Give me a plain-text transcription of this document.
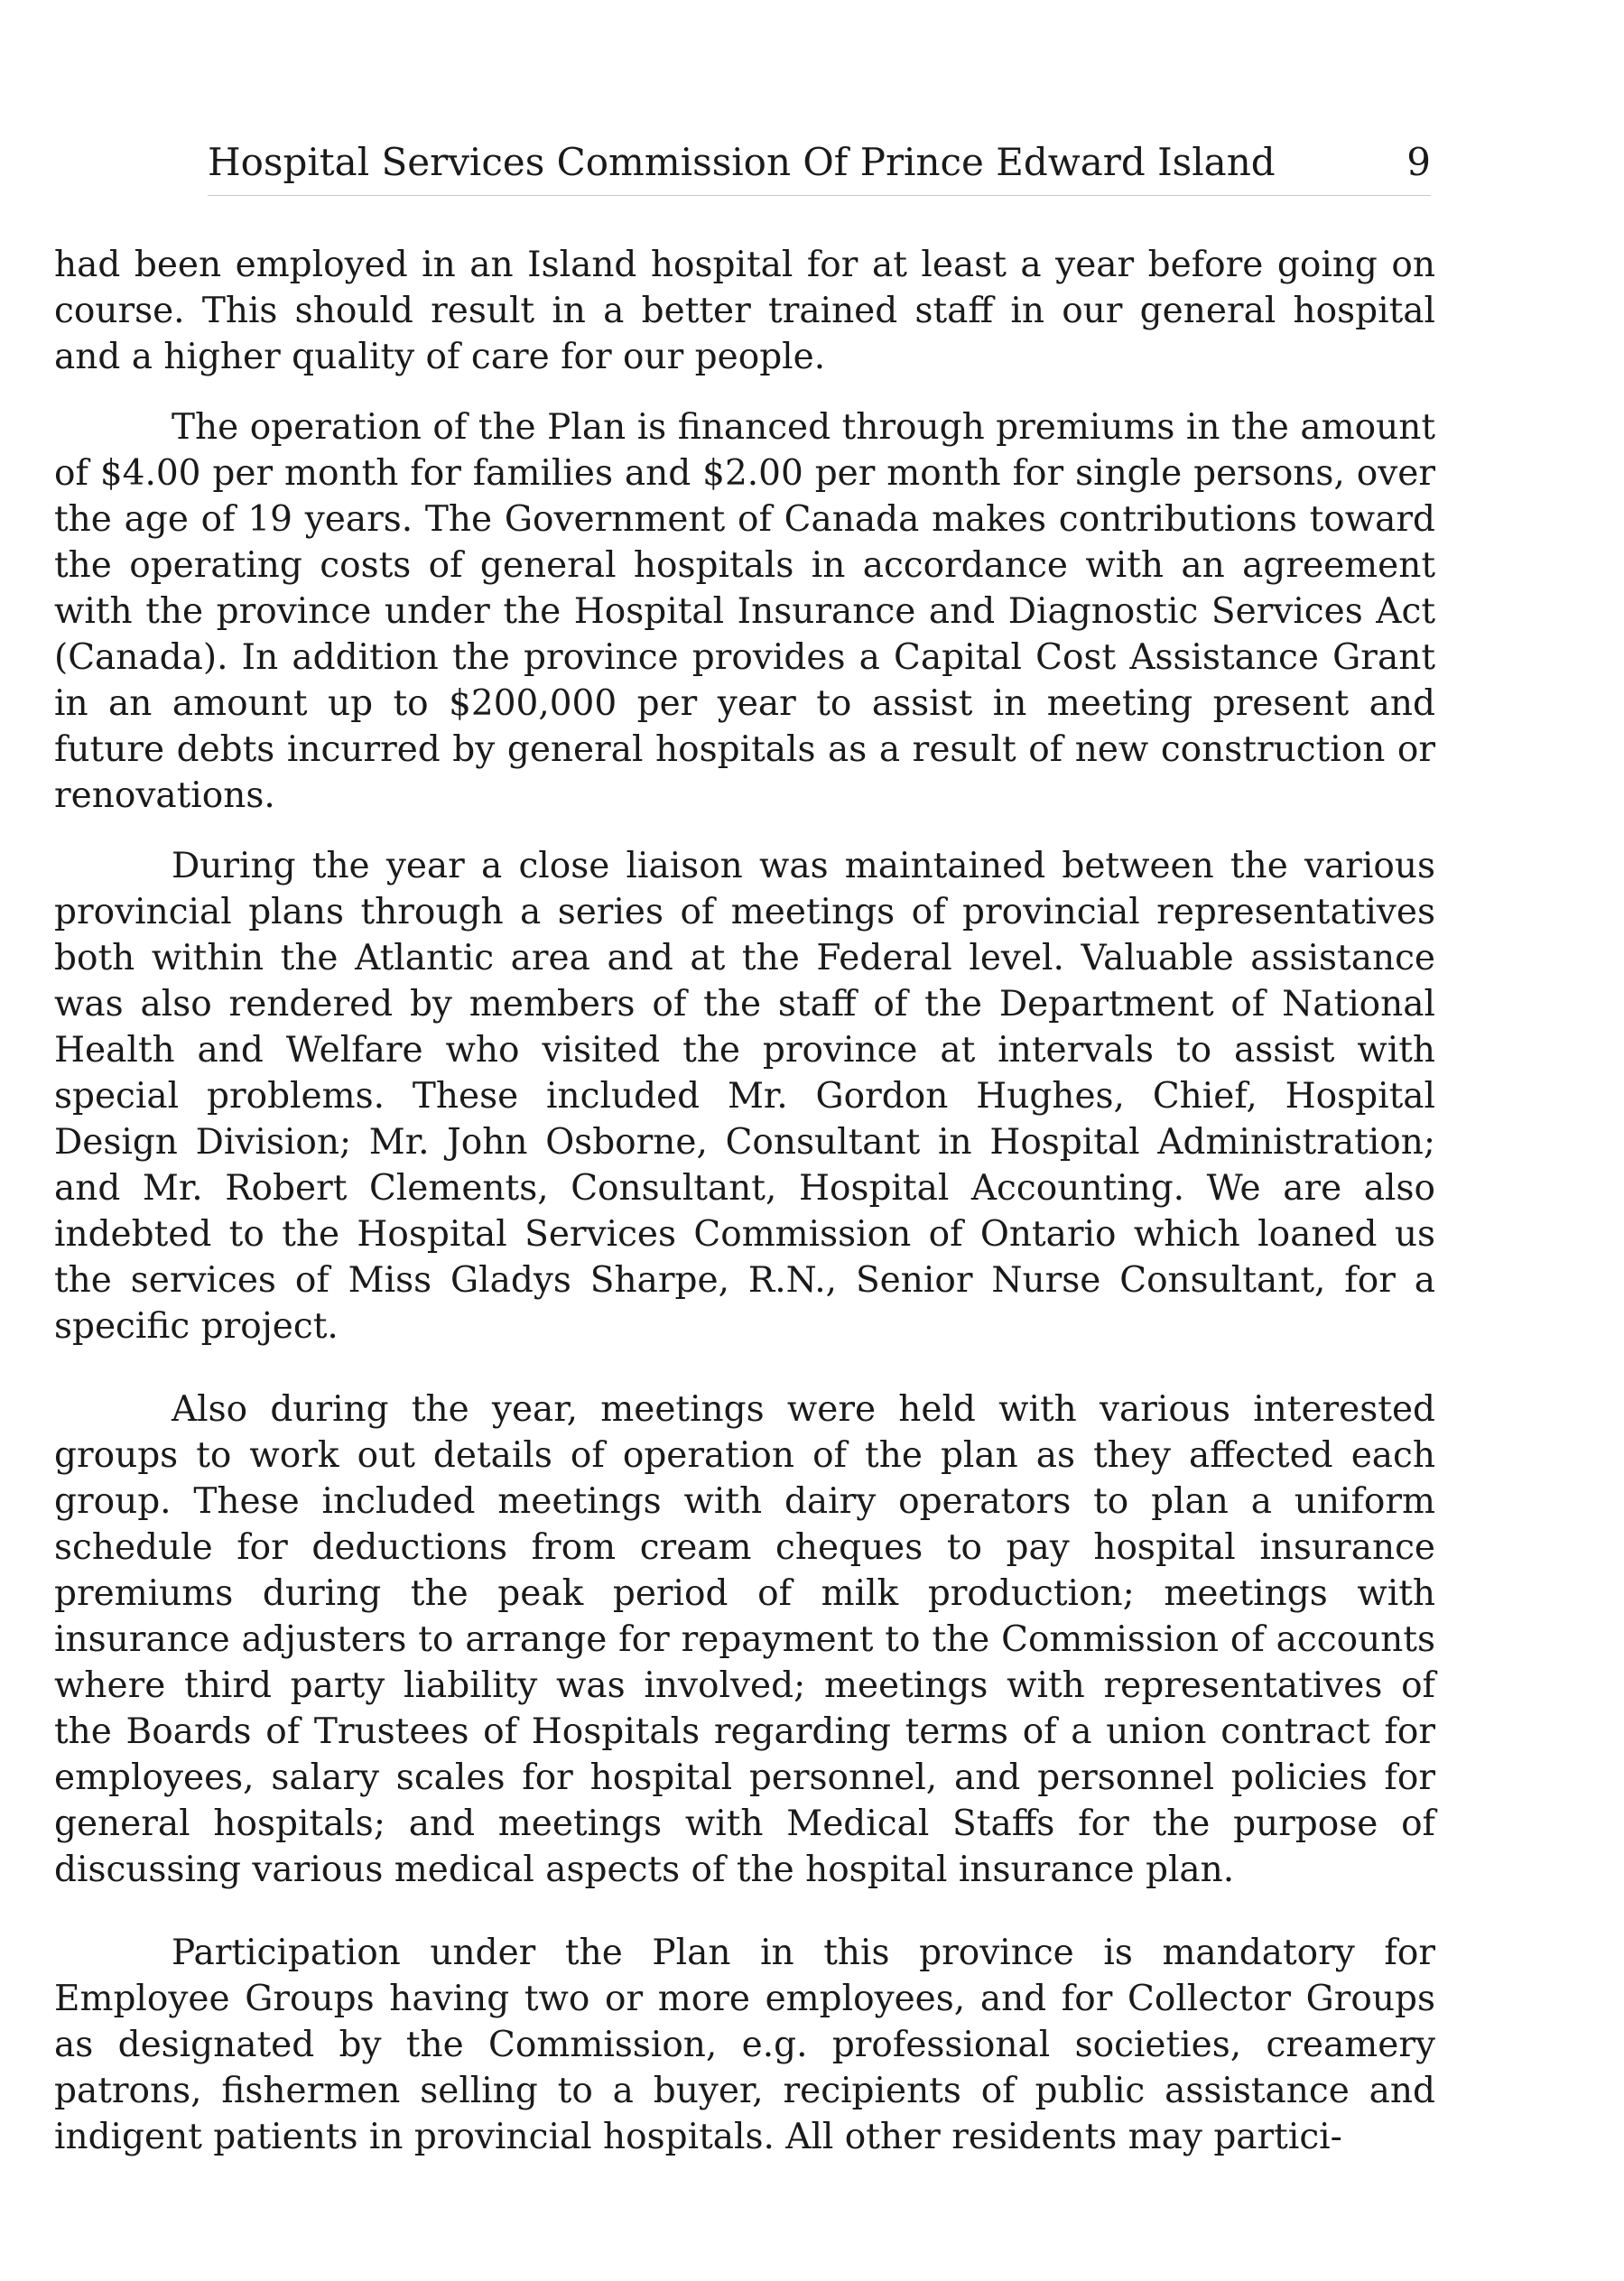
Hospital Services Commission Of Prince Edward Island	9

had been employed in an Island hospital for at least a year before going on course. This should result in a better trained staff in our general hospital and a higher quality of care for our people.

The operation of the Plan is financed through premiums in the amount of $4.00 per month for families and $2.00 per month for single persons, over the age of 19 years. The Government of Canada makes contributions toward the operating costs of general hospitals in accordance with an agreement with the province under the Hospital Insurance and Diagnostic Services Act (Canada). In addition the province provides a Capital Cost Assistance Grant in an amount up to $200,000 per year to assist in meeting present and future debts incurred by general hospitals as a result of new construction or renovations.

During the year a close liaison was maintained between the various provincial plans through a series of meetings of provincial representatives both within the Atlantic area and at the Federal level. Valuable assistance was also rendered by members of the staff of the Department of National Health and Welfare who visited the province at intervals to assist with special problems. These included Mr. Gordon Hughes, Chief, Hospital Design Division; Mr. John Osborne, Consultant in Hospital Administration; and Mr. Robert Clements, Consultant, Hospital Accounting. We are also indebted to the Hospital Services Commission of Ontario which loaned us the services of Miss Gladys Sharpe, R.N., Senior Nurse Consultant, for a specific project.

Also during the year, meetings were held with various interested groups to work out details of operation of the plan as they affected each group. These included meetings with dairy operators to plan a uniform schedule for deductions from cream cheques to pay hospital insurance premiums during the peak period of milk production; meetings with insurance adjusters to arrange for repayment to the Commission of accounts where third party liability was involved; meetings with representatives of the Boards of Trustees of Hospitals regarding terms of a union contract for employees, salary scales for hospital personnel, and personnel policies for general hospitals; and meetings with Medical Staffs for the purpose of discussing various medical aspects of the hospital insurance plan.

Participation under the Plan in this province is mandatory for Employee Groups having two or more employees, and for Collector Groups as designated by the Commission, e.g. professional societies, creamery patrons, fishermen selling to a buyer, recipients of public assistance and indigent patients in provincial hospitals. All other residents may partici-
